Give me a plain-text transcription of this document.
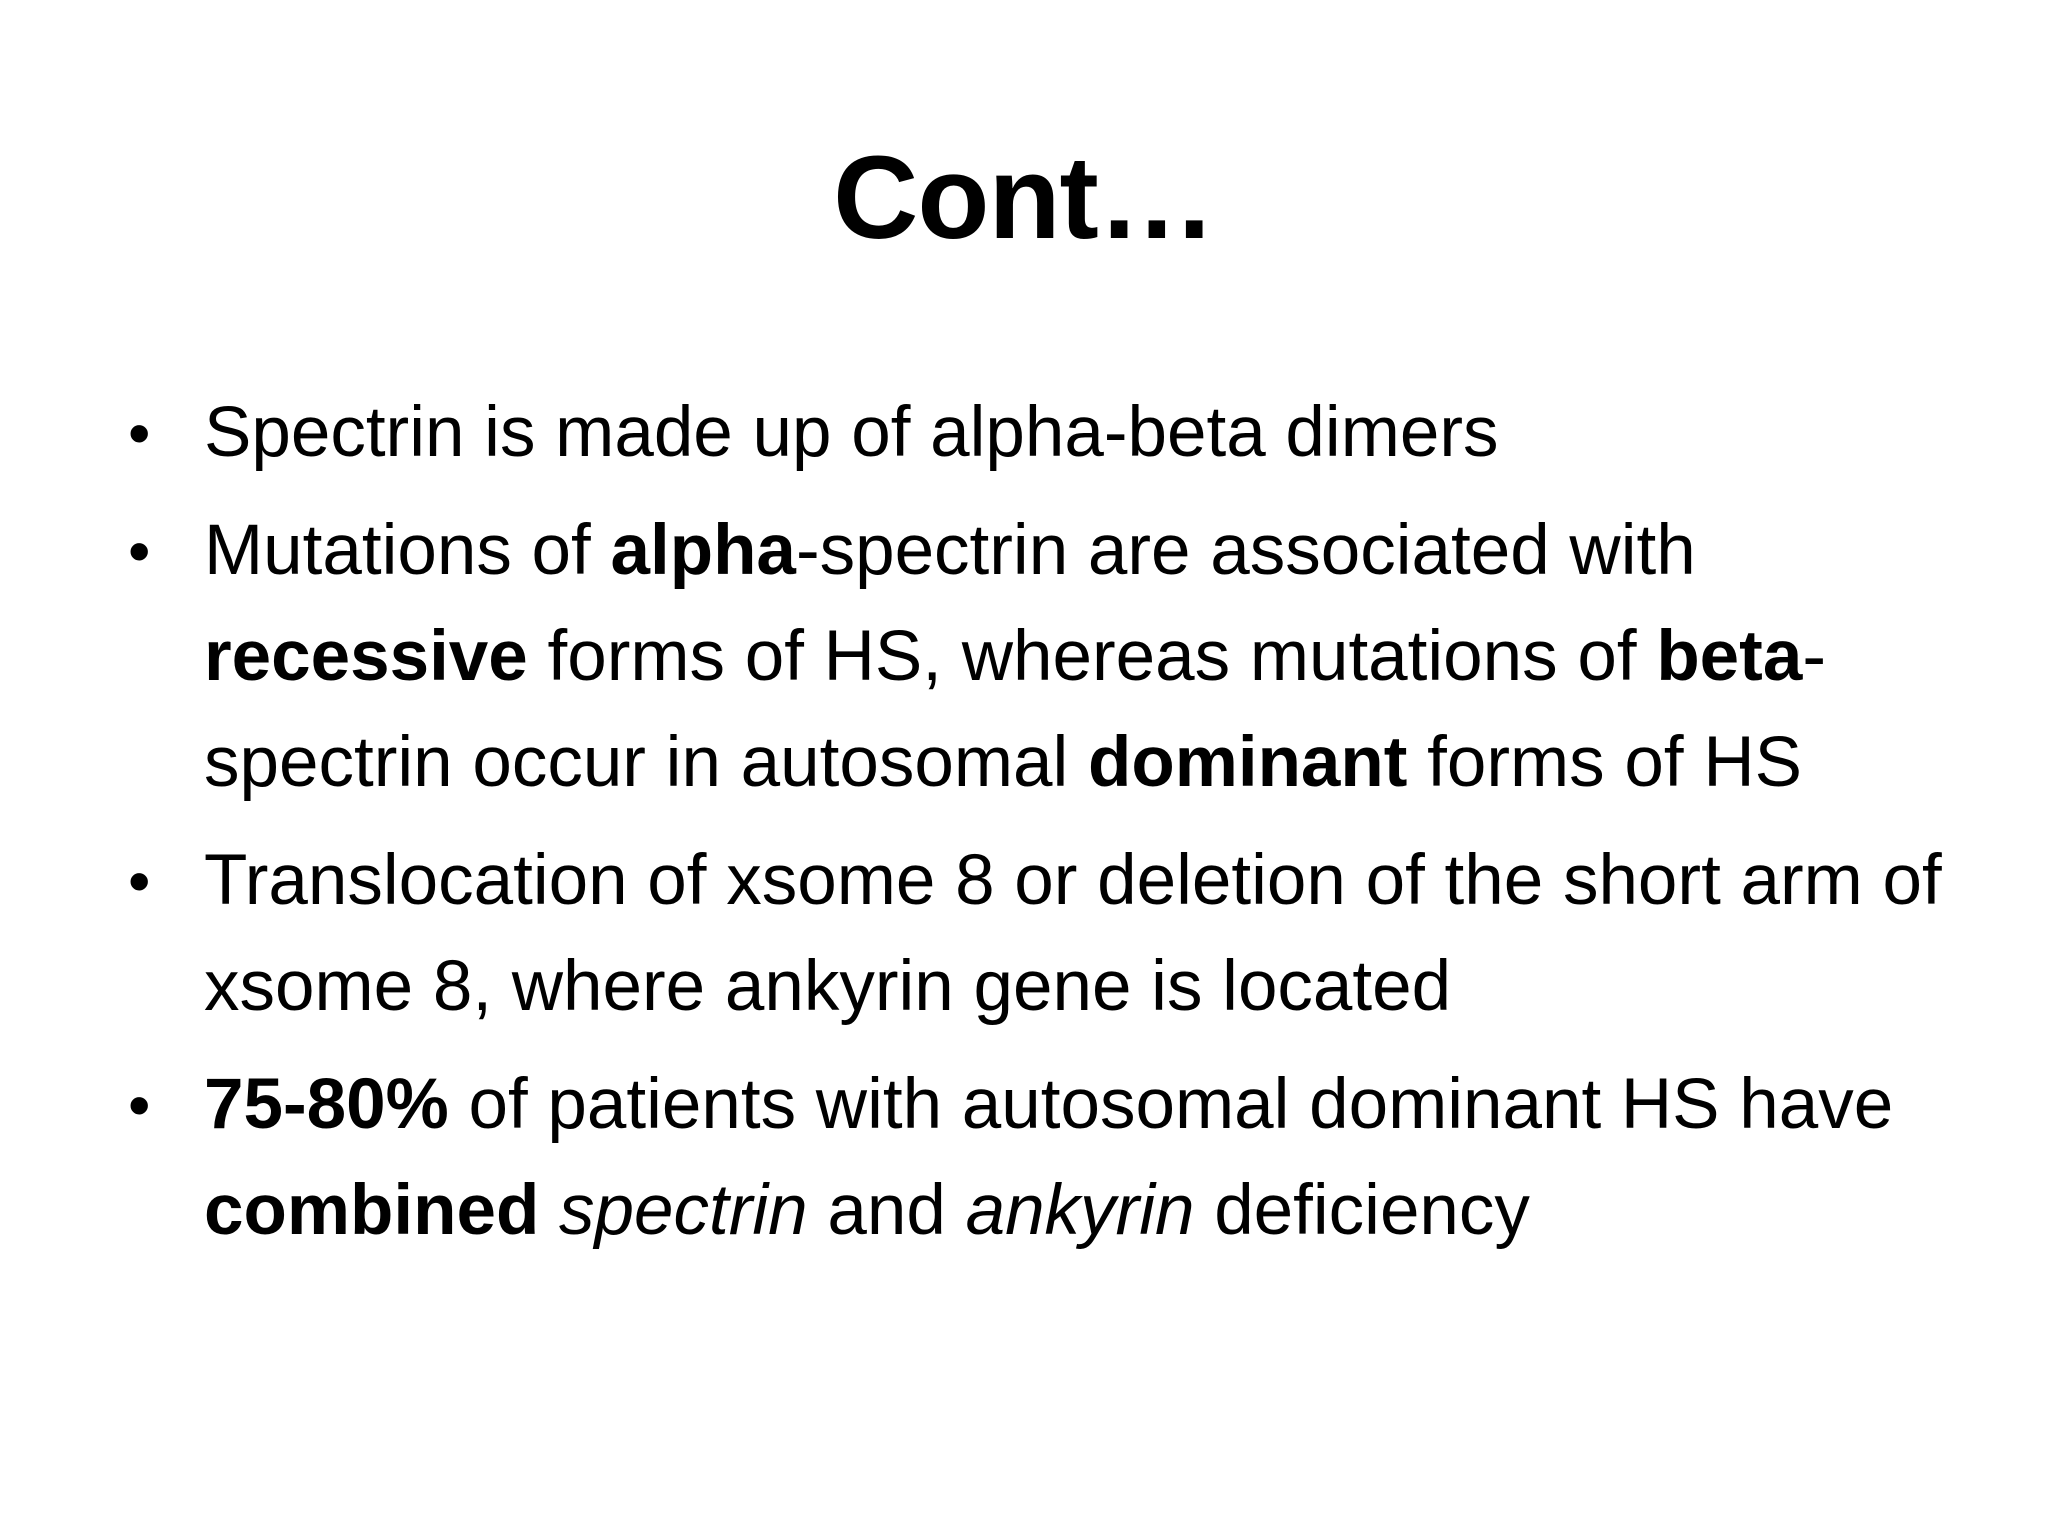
Cont…
• Spectrin is made up of alpha-beta dimers
• Mutations of alpha-spectrin are associated with recessive forms of HS, whereas mutations of beta-spectrin occur in autosomal dominant forms of HS
• Translocation of xsome 8 or deletion of the short arm of xsome 8, where ankyrin gene is located
• 75-80% of patients with autosomal dominant HS have combined spectrin and ankyrin deficiency
